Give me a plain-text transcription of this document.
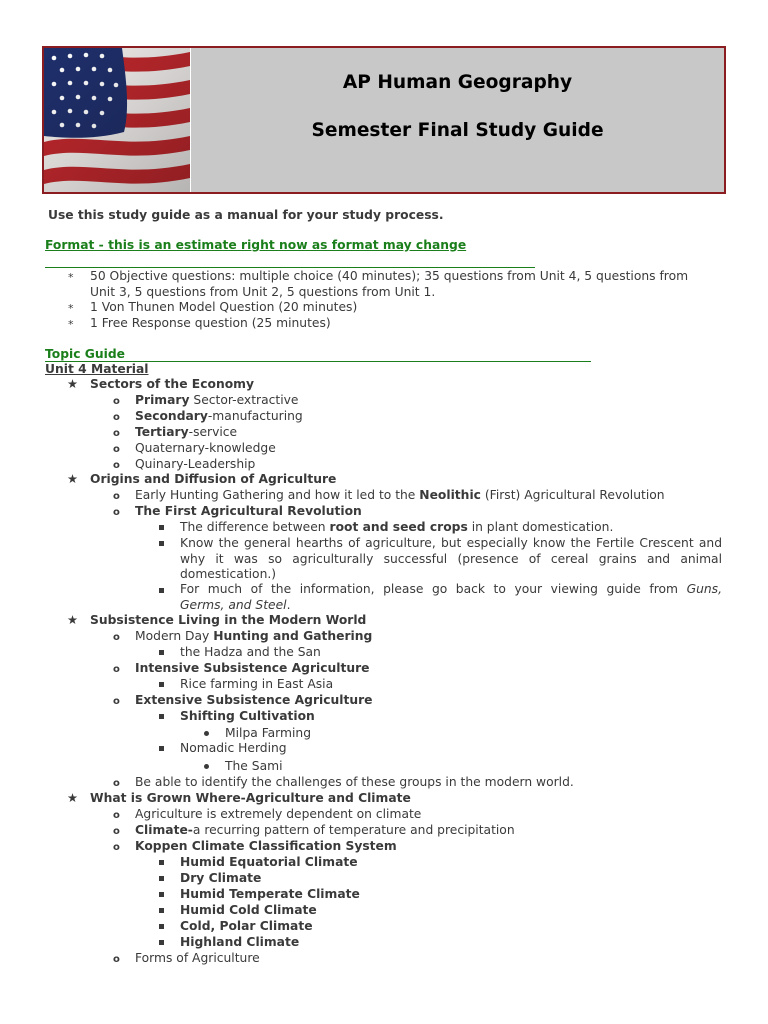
AP Human Geography
Semester Final Study Guide
Use this study guide as a manual for your study process.
Format - this is an estimate right now as format may change
* 50 Objective questions: multiple choice (40 minutes); 35 questions from Unit 4, 5 questions from
Unit 3, 5 questions from Unit 2, 5 questions from Unit 1.
* 1 Von Thunen Model Question (20 minutes)
* 1 Free Response question (25 minutes)
Topic Guide
Unit 4 Material
★ Sectors of the Economy
o Primary Sector-extractive
o Secondary-manufacturing
o Tertiary-service
o Quaternary-knowledge
o Quinary-Leadership
★ Origins and Diffusion of Agriculture
o Early Hunting Gathering and how it led to the Neolithic (First) Agricultural Revolution
o The First Agricultural Revolution
The difference between root and seed crops in plant domestication.
Know the general hearths of agriculture, but especially know the Fertile Crescent and
why it was so agriculturally successful (presence of cereal grains and animal
domestication.)
For much of the information, please go back to your viewing guide from Guns,
Germs, and Steel.
★ Subsistence Living in the Modern World
o Modern Day Hunting and Gathering
the Hadza and the San
o Intensive Subsistence Agriculture
Rice farming in East Asia
o Extensive Subsistence Agriculture
Shifting Cultivation
Milpa Farming
Nomadic Herding
The Sami
o Be able to identify the challenges of these groups in the modern world.
★ What is Grown Where-Agriculture and Climate
o Agriculture is extremely dependent on climate
o Climate-a recurring pattern of temperature and precipitation
o Koppen Climate Classification System
Humid Equatorial Climate
Dry Climate
Humid Temperate Climate
Humid Cold Climate
Cold, Polar Climate
Highland Climate
o Forms of Agriculture
